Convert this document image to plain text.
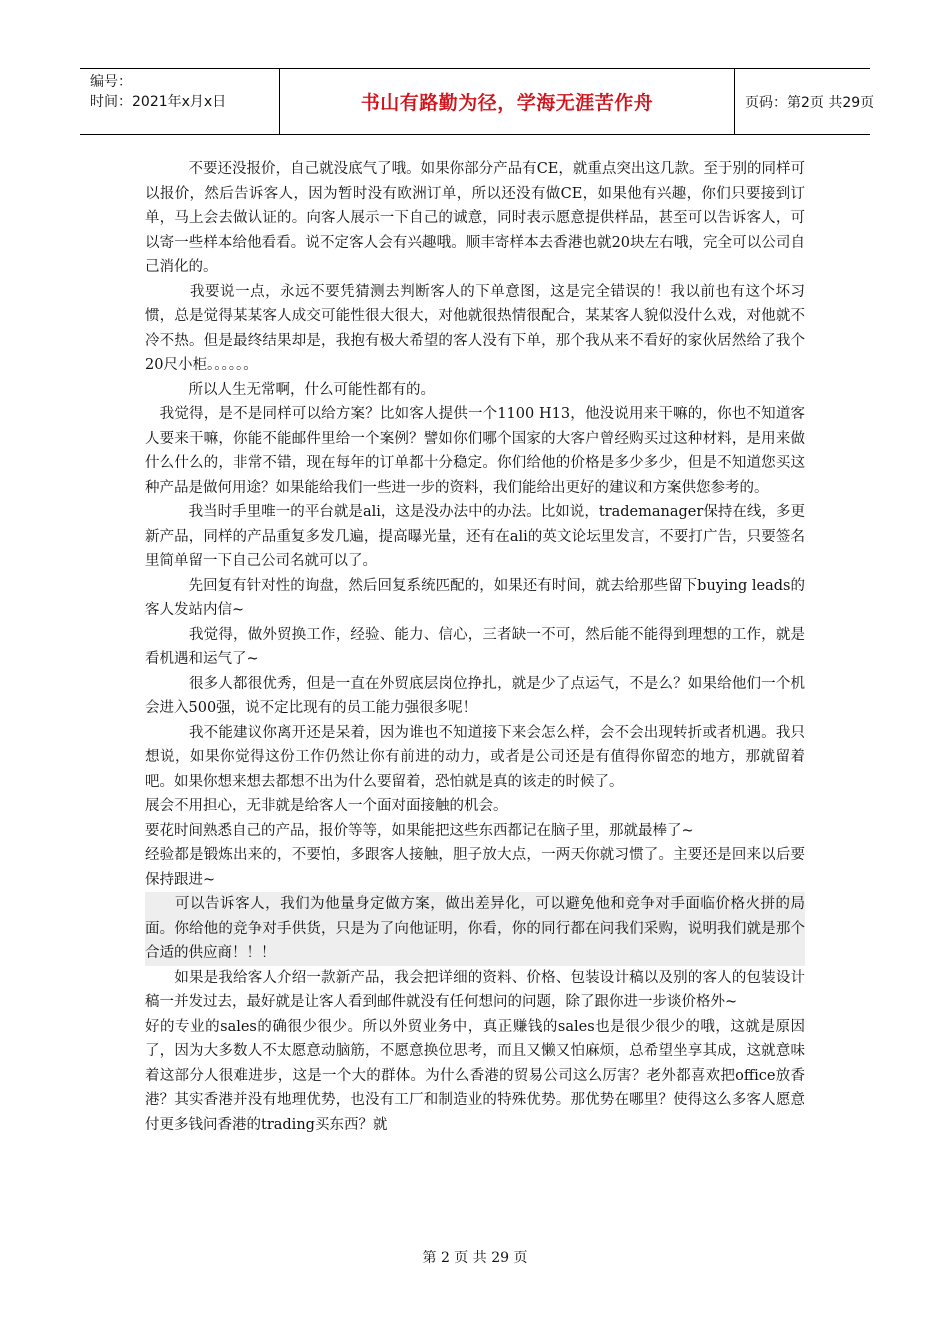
编号：
时间：2021年x月x日	书山有路勤为径，学海无涯苦作舟	页码：第2页 共29页

　　　不要还没报价，自己就没底气了哦。如果你部分产品有CE，就重点突出这几款。至于别的同样可以报价，然后告诉客人，因为暂时没有欧洲订单，所以还没有做CE，如果他有兴趣，你们只要接到订单，马上会去做认证的。向客人展示一下自己的诚意，同时表示愿意提供样品，甚至可以告诉客人，可以寄一些样本给他看看。说不定客人会有兴趣哦。顺丰寄样本去香港也就20块左右哦，完全可以公司自己消化的。

　　　我要说一点，永远不要凭猜测去判断客人的下单意图，这是完全错误的！我以前也有这个坏习惯，总是觉得某某客人成交可能性很大很大，对他就很热情很配合，某某客人貌似没什么戏，对他就不冷不热。但是最终结果却是，我抱有极大希望的客人没有下单，那个我从来不看好的家伙居然给了我个20尺小柜。。。。。。

　　　所以人生无常啊，什么可能性都有的。

　我觉得，是不是同样可以给方案？比如客人提供一个1100 H13，他没说用来干嘛的，你也不知道客人要来干嘛，你能不能邮件里给一个案例？譬如你们哪个国家的大客户曾经购买过这种材料，是用来做什么什么的，非常不错，现在每年的订单都十分稳定。你们给他的价格是多少多少，但是不知道您买这种产品是做何用途？如果能给我们一些进一步的资料，我们能给出更好的建议和方案供您参考的。

　　　我当时手里唯一的平台就是ali，这是没办法中的办法。比如说，trademanager保持在线，多更新产品，同样的产品重复多发几遍，提高曝光量，还有在ali的英文论坛里发言，不要打广告，只要签名里简单留一下自己公司名就可以了。

　　　先回复有针对性的询盘，然后回复系统匹配的，如果还有时间，就去给那些留下buying leads的客人发站内信~

　　　我觉得，做外贸换工作，经验、能力、信心，三者缺一不可，然后能不能得到理想的工作，就是看机遇和运气了~

　　　很多人都很优秀，但是一直在外贸底层岗位挣扎，就是少了点运气，不是么？如果给他们一个机会进入500强，说不定比现有的员工能力强很多呢！

　　　我不能建议你离开还是呆着，因为谁也不知道接下来会怎么样，会不会出现转折或者机遇。我只想说，如果你觉得这份工作仍然让你有前进的动力，或者是公司还是有值得你留恋的地方，那就留着吧。如果你想来想去都想不出为什么要留着，恐怕就是真的该走的时候了。

展会不用担心，无非就是给客人一个面对面接触的机会。

要花时间熟悉自己的产品，报价等等，如果能把这些东西都记在脑子里，那就最棒了~

经验都是锻炼出来的，不要怕，多跟客人接触，胆子放大点，一两天你就习惯了。主要还是回来以后要保持跟进~

　　可以告诉客人，我们为他量身定做方案，做出差异化，可以避免他和竞争对手面临价格火拼的局面。你给他的竞争对手供货，只是为了向他证明，你看，你的同行都在问我们采购，说明我们就是那个合适的供应商！！！

　　如果是我给客人介绍一款新产品，我会把详细的资料、价格、包装设计稿以及别的客人的包装设计稿一并发过去，最好就是让客人看到邮件就没有任何想问的问题，除了跟你进一步谈价格外~

好的专业的sales的确很少很少。所以外贸业务中，真正赚钱的sales也是很少很少的哦，这就是原因了，因为大多数人不太愿意动脑筋，不愿意换位思考，而且又懒又怕麻烦，总希望坐享其成，这就意味着这部分人很难进步，这是一个大的群体。为什么香港的贸易公司这么厉害？老外都喜欢把office放香港？其实香港并没有地理优势，也没有工厂和制造业的特殊优势。那优势在哪里？使得这么多客人愿意付更多钱问香港的trading买东西？就

第 2 页 共 29 页
